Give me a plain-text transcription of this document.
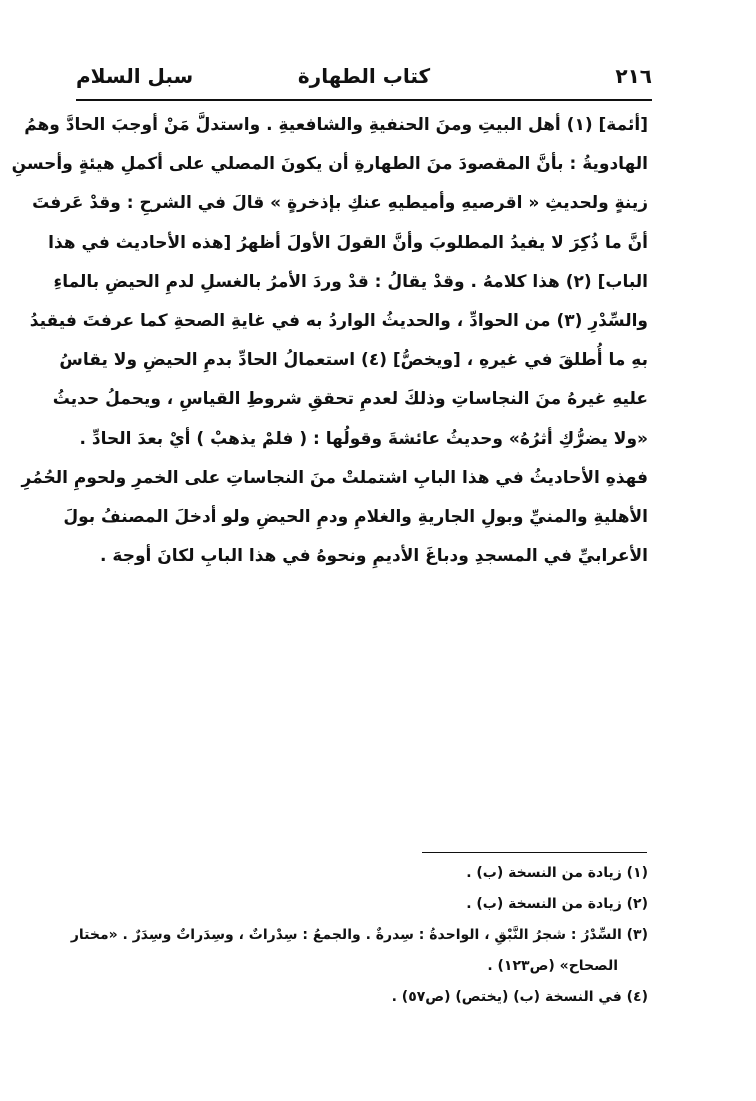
٢١٦
كتاب الطهارة
سبل السلام
[أئمة] (١) أهل البيتِ ومنَ الحنفيةِ والشافعيةِ . واستدلَّ مَنْ أوجبَ الحادَّ وهمُ
الهادويةُ : بأنَّ المقصودَ منَ الطهارةِ أن يكونَ المصلي على أكملِ هيئةٍ وأحسنِ
زينةٍ ولحديثِ « اقرصيهِ وأميطيهِ عنكِ بإذخرةٍ » قالَ في الشرحِ : وقدْ عَرفتَ
أنَّ ما ذُكِرَ لا يفيدُ المطلوبَ وأنَّ القولَ الأولَ أظهرُ [هذه الأحاديث في هذا
الباب] (٢) هذا كلامهُ . وقدْ يقالُ : قدْ وردَ الأمرُ بالغسلِ لدمِ الحيضِ بالماءِ
والسِّدْرِ (٣) من الحوادِّ ، والحديثُ الواردُ به في غايةِ الصحةِ كما عرفتَ فيقيدُ
بهِ ما أُطلقَ في غيرهِ ، [ويخصُّ] (٤) استعمالُ الحادِّ بدمِ الحيضِ ولا يقاسُ
عليهِ غيرهُ منَ النجاساتِ وذلكَ لعدمِ تحققِ شروطِ القياسِ ، ويحملُ حديثُ
«ولا يضرُّكِ أثرُهُ» وحديثُ عائشةَ وقولُها : ( فلمْ يذهبْ ) أيْ بعدَ الحادِّ .
فهذهِ الأحاديثُ في هذا البابِ اشتملتْ منَ النجاساتِ على الخمرِ ولحومِ الحُمُرِ
الأهليةِ والمنيِّ وبولِ الجاريةِ والغلامِ ودمِ الحيضِ ولو أدخلَ المصنفُ بولَ
الأعرابيِّ في المسجدِ ودباغَ الأديمِ ونحوهُ في هذا البابِ لكانَ أوجهَ .
(١) زيادة من النسخة (ب) .
(٢) زيادة من النسخة (ب) .
(٣) السِّدْرُ : شجرُ النَّبْقِ ، الواحدةُ : سِدرةٌ . والجمعُ : سِدْراتٌ ، وسِدَراتٌ وسِدَرٌ . «مختار
الصحاح» (ص١٢٣) .
(٤) في النسخة (ب) (يختص) (ص٥٧) .
